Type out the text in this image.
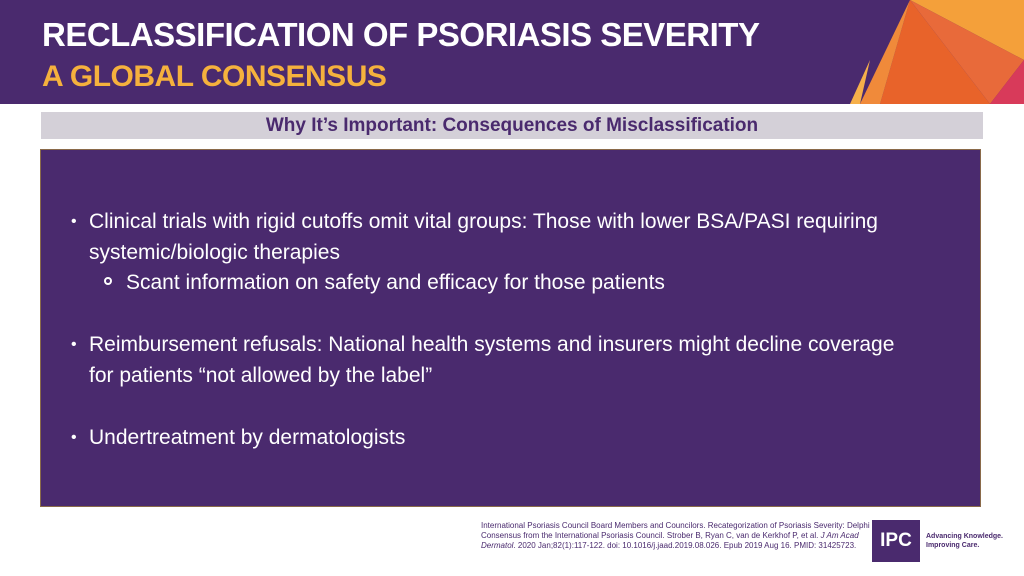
RECLASSIFICATION OF PSORIASIS SEVERITY
A GLOBAL CONSENSUS
Why It’s Important: Consequences of Misclassification
• Clinical trials with rigid cutoffs omit vital groups: Those with lower BSA/PASI requiring systemic/biologic therapies
Scant information on safety and efficacy for those patients
• Reimbursement refusals: National health systems and insurers might decline coverage for patients “not allowed by the label”
• Undertreatment by dermatologists
International Psoriasis Council Board Members and Councilors. Recategorization of Psoriasis Severity: Delphi Consensus from the International Psoriasis Council. Strober B, Ryan C, van de Kerkhof P, et al. J Am Acad Dermatol. 2020 Jan;82(1):117-122. doi: 10.1016/j.jaad.2019.08.026. Epub 2019 Aug 16. PMID: 31425723.	IPC	Advancing Knowledge.
Improving Care.
